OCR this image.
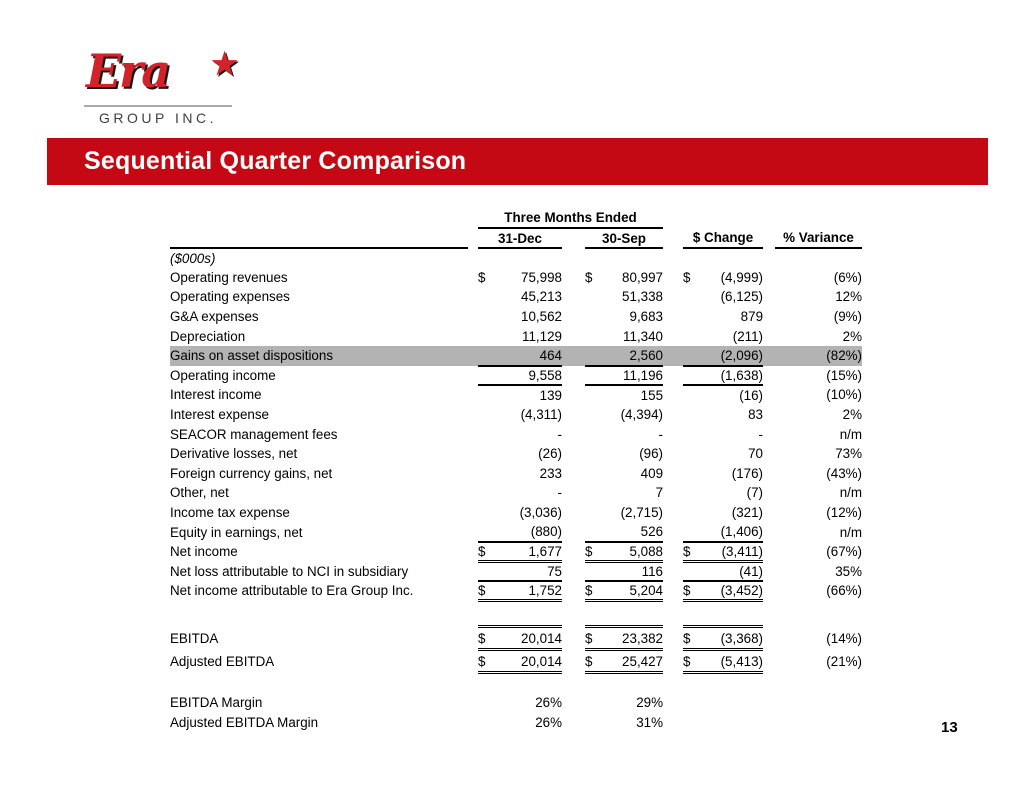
Era ★
GROUP INC.
Sequential Quarter Comparison
		Three Months Ended									
		31-Dec			30-Sep			$ Change			% Variance
($000s)											
Operating revenues		$	75,998		$	80,997		$	(4,999)		(6%)
Operating expenses			45,213			51,338			(6,125)		12%
G&A expenses			10,562			9,683			879		(9%)
Depreciation			11,129			11,340			(211)		2%
Gains on asset dispositions			464			2,560			(2,096)		(82%)
Operating income			9,558			11,196			(1,638)		(15%)
Interest income			139			155			(16)		(10%)
Interest expense			(4,311)			(4,394)			83		2%
SEACOR management fees			-			-			-		n/m
Derivative losses, net			(26)			(96)			70		73%
Foreign currency gains, net			233			409			(176)		(43%)
Other, net			-			7			(7)		n/m
Income tax expense			(3,036)			(2,715)			(321)		(12%)
Equity in earnings, net			(880)			526			(1,406)		n/m
Net income		$	1,677		$	5,088		$	(3,411)		(67%)
Net loss attributable to NCI in subsidiary			75			116			(41)		35%
Net income attributable to Era Group Inc.		$	1,752		$	5,204		$	(3,452)		(66%)

EBITDA		$	20,014		$	23,382		$	(3,368)		(14%)
Adjusted EBITDA		$	20,014		$	25,427		$	(5,413)		(21%)

EBITDA Margin			26%			29%					
Adjusted EBITDA Margin			26%			31%						13
